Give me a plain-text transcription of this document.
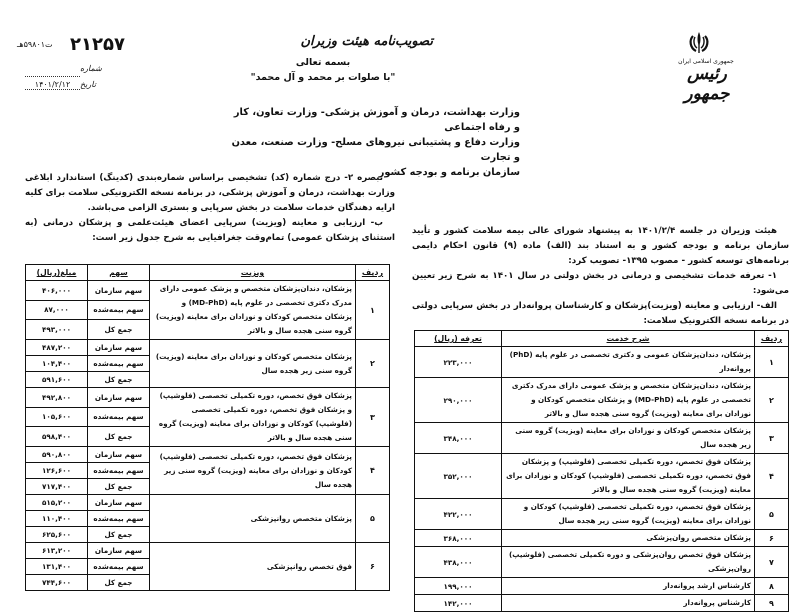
جمهوری اسلامی ایران
رئیس جمهور
تصویب‌نامه هیئت وزیران
بسمه تعالی
"با صلوات بر محمد و آل محمد"
۲۱۲۵۷
ت۵۹۸۰۱هـ
شماره
تاریخ
۱۴۰۱/۲/۱۲
وزارت بهداشت، درمان و آموزش پزشکی- وزارت تعاون، کار و رفاه اجتماعی
وزارت دفاع و پشتیبانی نیروهای مسلح- وزارت صنعت، معدن و تجارت
سازمان برنامه و بودجه کشور
هیئت وزیران در جلسه ۱۴۰۱/۲/۴ به پیشنهاد شورای عالی بیمه سلامت کشور و تأیید سازمان برنامه و بودجه کشور و به استناد بند (الف) ماده (۹) قانون احکام دایمی برنامه‌های توسعه کشور - مصوب ۱۳۹۵- تصویب کرد:
۱- تعرفه خدمات تشخیصی و درمانی در بخش دولتی در سال ۱۴۰۱ به شرح زیر تعیین می‌شود:
الف- ارزیابی و معاینه (ویزیت)پزشکان و کارشناسان پروانه‌دار در بخش سرپایی دولتی در برنامه نسخه الکترونیک سلامت:
ردیف	شرح خدمت	تعرفه (ریال)
۱	پزشکان، دندان‌پزشکان عمومی و دکتری تخصصی در علوم پایه (PhD) پروانه‌دار	۲۲۳,۰۰۰
۲	پزشکان، دندان‌پزشکان متخصص و پزشک عمومی دارای مدرک دکتری تخصصی در علوم پایه (MD-PhD) و پزشکان متخصص کودکان و نوزادان برای معاینه (ویزیت) گروه سنی هجده سال و بالاتر	۲۹۰,۰۰۰
۳	پزشکان متخصص کودکان و نوزادان برای معاینه (ویزیت) گروه سنی زیر هجده سال	۳۴۸,۰۰۰
۴	پزشکان فوق تخصص، دوره تکمیلی تخصصی (فلوشیپ) و پزشکان فوق تخصص، دوره تکمیلی تخصصی (فلوشیپ) کودکان و نوزادان برای معاینه (ویزیت) گروه سنی هجده سال و بالاتر	۳۵۲,۰۰۰
۵	پزشکان فوق تخصص، دوره تکمیلی تخصصی (فلوشیپ) کودکان و نوزادان برای معاینه (ویزیت) گروه سنی زیر هجده سال	۴۲۲,۰۰۰
۶	پزشکان متخصص روان‌پزشکی	۳۶۸,۰۰۰
۷	پزشکان فوق تخصص روان‌پزشکی و دوره تکمیلی تخصصی (فلوشیپ) روان‌پزشکی	۴۳۸,۰۰۰
۸	کارشناس ارشد پروانه‌دار	۱۹۹,۰۰۰
۹	کارشناس پروانه‌دار	۱۴۲,۰۰۰
تبصره ۲- درج شماره (کد) تشخیصی براساس شماره‌بندی (کدینگ) استاندارد ابلاغی وزارت بهداشت، درمان و آموزش پزشکی، در برنامه نسخه الکترونیکی سلامت برای کلیه ارایه دهندگان خدمات سلامت در بخش سرپایی و بستری الزامی می‌باشد.
ب- ارزیابی و معاینه (ویزیت) سرپایی اعضای هیئت‌علمی و پزشکان درمانی (به استثنای پزشکان عمومی) تمام‌وقت جغرافیایی به شرح جدول زیر است:
ردیف	ویزیت	سهم	مبلغ(ریال)
۱	پزشکان، دندان‌پزشکان متخصص و پزشک عمومی دارای مدرک دکتری تخصصی در علوم پایه (MD-PhD) و پزشکان متخصص کودکان و نوزادان برای معاینه (ویزیت) گروه سنی هجده سال و بالاتر	سهم سازمان	۴۰۶,۰۰۰
		سهم بیمه‌شده	۸۷,۰۰۰
		جمع کل	۴۹۳,۰۰۰
۲	پزشکان متخصص کودکان و نوزادان برای معاینه (ویزیت) گروه سنی زیر هجده سال	سهم سازمان	۴۸۷,۲۰۰
		سهم بیمه‌شده	۱۰۴,۴۰۰
		جمع کل	۵۹۱,۶۰۰
۳	پزشکان فوق تخصص، دوره تکمیلی تخصصی (فلوشیپ) و پزشکان فوق تخصص، دوره تکمیلی تخصصی (فلوشیپ) کودکان و نوزادان برای معاینه (ویزیت) گروه سنی هجده سال و بالاتر	سهم سازمان	۴۹۲,۸۰۰
		سهم بیمه‌شده	۱۰۵,۶۰۰
		جمع کل	۵۹۸,۴۰۰
۴	پزشکان فوق تخصص، دوره تکمیلی تخصصی (فلوشیپ) کودکان و نوزادان برای معاینه (ویزیت) گروه سنی زیر هجده سال	سهم سازمان	۵۹۰,۸۰۰
		سهم بیمه‌شده	۱۲۶,۶۰۰
		جمع کل	۷۱۷,۴۰۰
۵	پزشکان متخصص روانپزشکی	سهم سازمان	۵۱۵,۲۰۰
		سهم بیمه‌شده	۱۱۰,۴۰۰
		جمع کل	۶۲۵,۶۰۰
۶	فوق تخصص روانپزشکی	سهم سازمان	۶۱۳,۲۰۰
		سهم بیمه‌شده	۱۳۱,۴۰۰
		جمع کل	۷۴۴,۶۰۰
